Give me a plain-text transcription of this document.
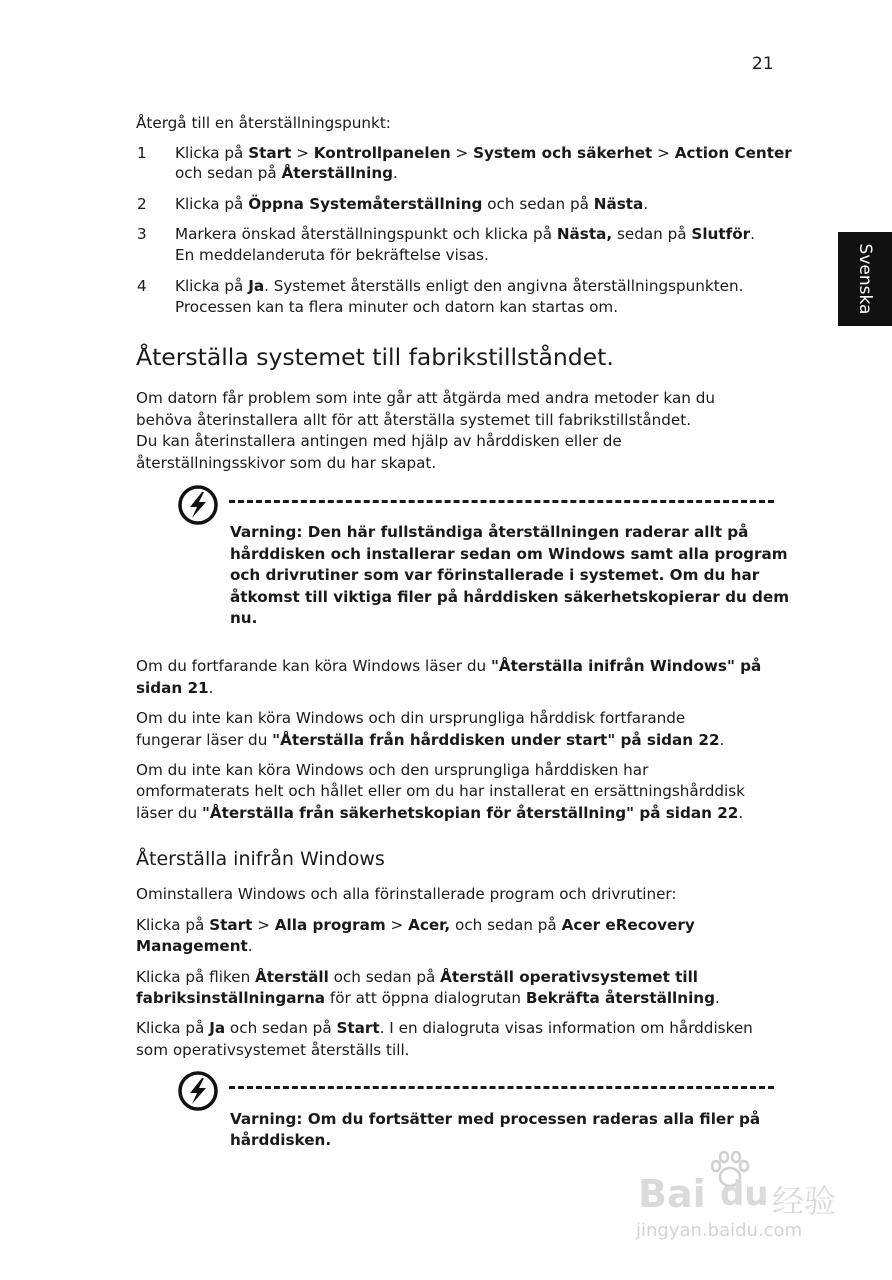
21
Svenska
Återgå till en återställningspunkt:
1 Klicka på Start > Kontrollpanelen > System och säkerhet > Action Center
och sedan på Återställning.
2 Klicka på Öppna Systemåterställning och sedan på Nästa.
3 Markera önskad återställningspunkt och klicka på Nästa, sedan på Slutför.
En meddelanderuta för bekräftelse visas.
4 Klicka på Ja. Systemet återställs enligt den angivna återställningspunkten.
Processen kan ta flera minuter och datorn kan startas om.
Återställa systemet till fabrikstillståndet.
Om datorn får problem som inte går att åtgärda med andra metoder kan du
behöva återinstallera allt för att återställa systemet till fabrikstillståndet.
Du kan återinstallera antingen med hjälp av hårddisken eller de
återställningsskivor som du har skapat.
Varning: Den här fullständiga återställningen raderar allt på
hårddisken och installerar sedan om Windows samt alla program
och drivrutiner som var förinstallerade i systemet. Om du har
åtkomst till viktiga filer på hårddisken säkerhetskopierar du dem
nu.
Om du fortfarande kan köra Windows läser du "Återställa inifrån Windows" på
sidan 21.
Om du inte kan köra Windows och din ursprungliga hårddisk fortfarande
fungerar läser du "Återställa från hårddisken under start" på sidan 22.
Om du inte kan köra Windows och den ursprungliga hårddisken har
omformaterats helt och hållet eller om du har installerat en ersättningshårddisk
läser du "Återställa från säkerhetskopian för återställning" på sidan 22.
Återställa inifrån Windows
Ominstallera Windows och alla förinstallerade program och drivrutiner:
Klicka på Start > Alla program > Acer, och sedan på Acer eRecovery
Management.
Klicka på fliken Återställ och sedan på Återställ operativsystemet till
fabriksinställningarna för att öppna dialogrutan Bekräfta återställning.
Klicka på Ja och sedan på Start. I en dialogruta visas information om hårddisken
som operativsystemet återställs till.
Varning: Om du fortsätter med processen raderas alla filer på
hårddisken.
Bai du 经验
jingyan.baidu.com
